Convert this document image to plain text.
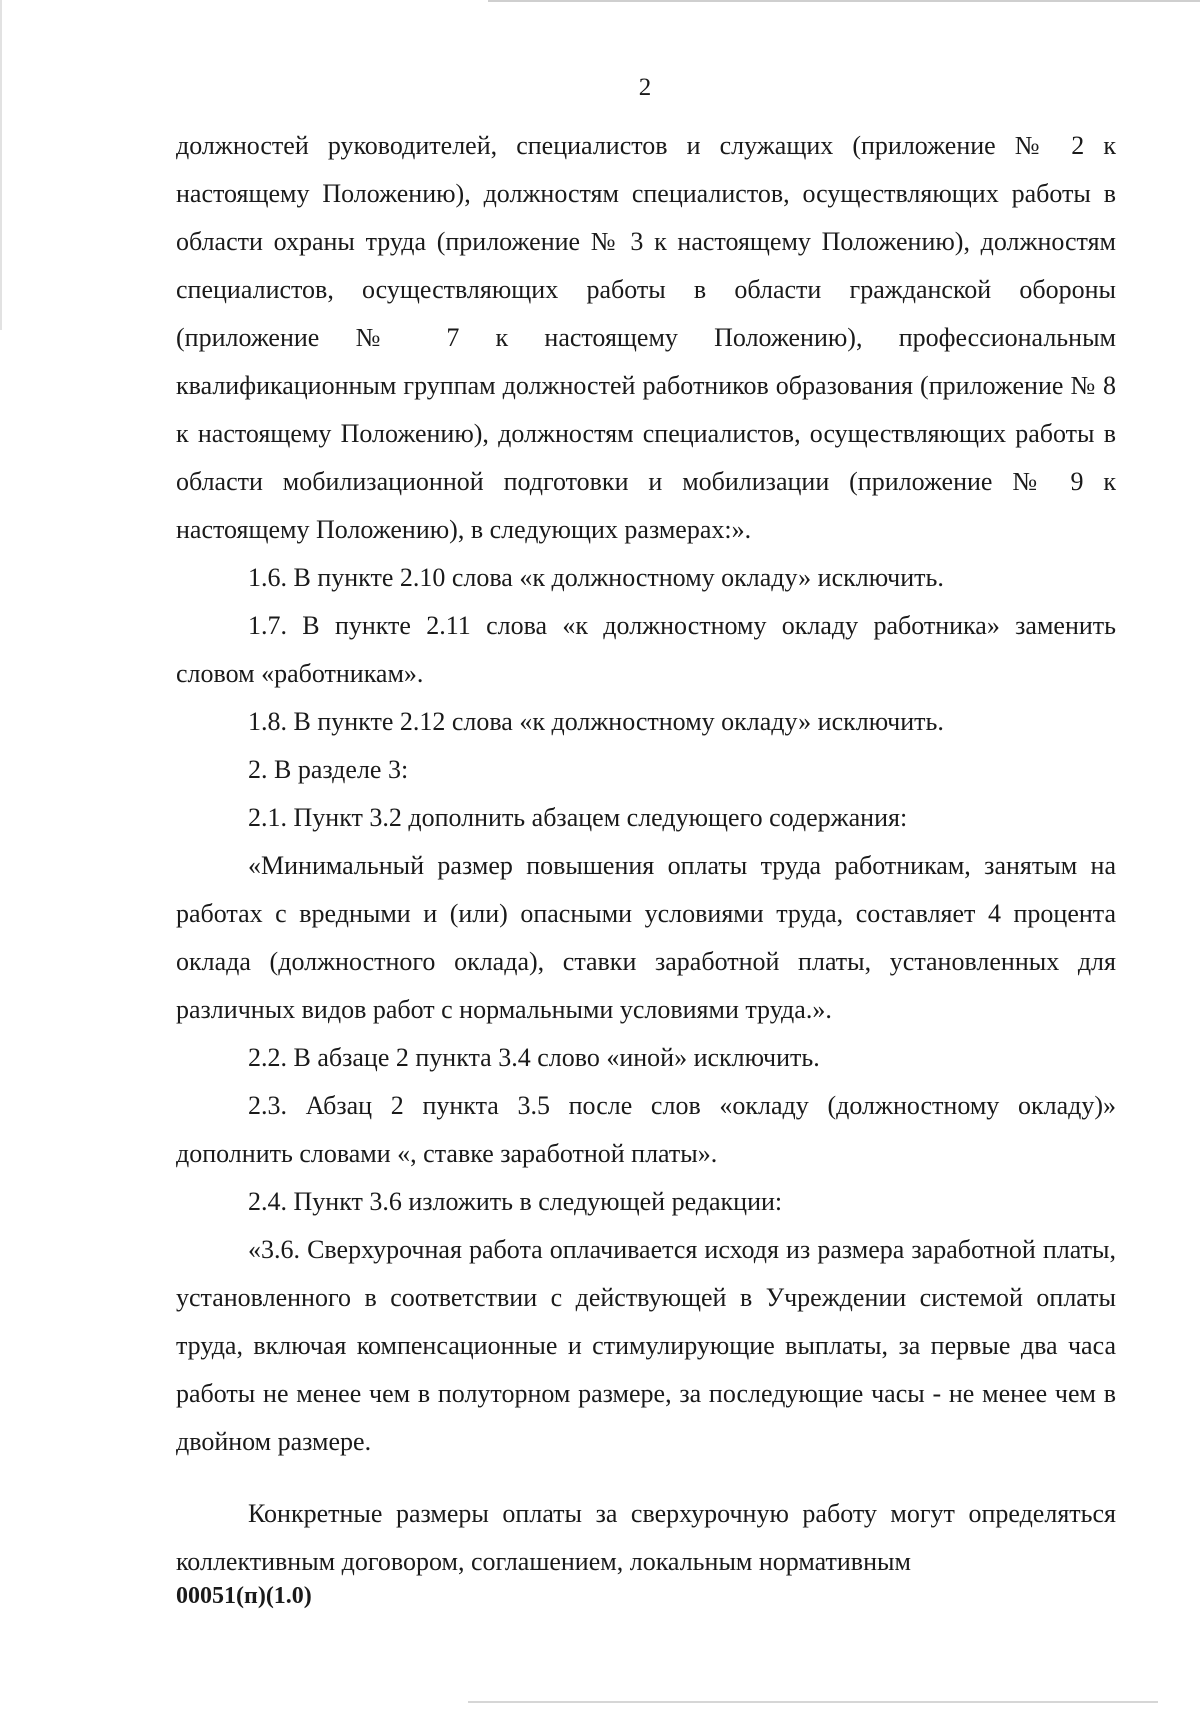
2

должностей руководителей, специалистов и служащих (приложение № 2 к настоящему Положению), должностям специалистов, осуществляющих работы в области охраны труда (приложение № 3 к настоящему Положению), должностям специалистов, осуществляющих работы в области гражданской обороны (приложение № 7 к настоящему Положению), профессиональным квалификационным группам должностей работников образования (приложение № 8 к настоящему Положению), должностям специалистов, осуществляющих работы в области мобилизационной подготовки и мобилизации (приложение № 9 к настоящему Положению), в следующих размерах:».

1.6. В пункте 2.10 слова «к должностному окладу» исключить.

1.7. В пункте 2.11 слова «к должностному окладу работника» заменить словом «работникам».

1.8. В пункте 2.12 слова «к должностному окладу» исключить.

2. В разделе 3:

2.1. Пункт 3.2 дополнить абзацем следующего содержания:

«Минимальный размер повышения оплаты труда работникам, занятым на работах с вредными и (или) опасными условиями труда, составляет 4 процента оклада (должностного оклада), ставки заработной платы, установленных для различных видов работ с нормальными условиями труда.».

2.2. В абзаце 2 пункта 3.4 слово «иной» исключить.

2.3. Абзац 2 пункта 3.5 после слов «окладу (должностному окладу)» дополнить словами «, ставке заработной платы».

2.4. Пункт 3.6 изложить в следующей редакции:

«3.6. Сверхурочная работа оплачивается исходя из размера заработной платы, установленного в соответствии с действующей в Учреждении системой оплаты труда, включая компенсационные и стимулирующие выплаты, за первые два часа работы не менее чем в полуторном размере, за последующие часы - не менее чем в двойном размере.

Конкретные размеры оплаты за сверхурочную работу могут определяться коллективным договором, соглашением, локальным нормативным

00051(п)(1.0)
